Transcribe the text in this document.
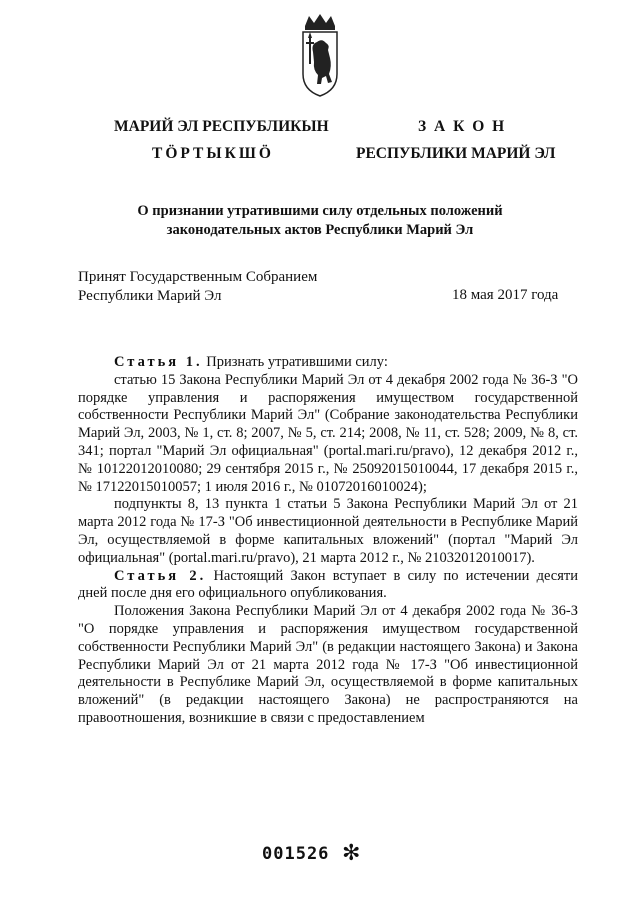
МАРИЙ ЭЛ РЕСПУБЛИКЫН
ТӦРТЫКШӦ
З А К О Н
РЕСПУБЛИКИ МАРИЙ ЭЛ
О признании утратившими силу отдельных положений
законодательных актов Республики Марий Эл
Принят Государственным Собранием
Республики Марий Эл	18 мая 2017 года

Статья 1. Признать утратившими силу:

статью 15 Закона Республики Марий Эл от 4 декабря 2002 года № 36-З "О порядке управления и распоряжения имуществом государственной собственности Республики Марий Эл" (Собрание законодательства Республики Марий Эл, 2003, № 1, ст. 8; 2007, № 5, ст. 214; 2008, № 11, ст. 528; 2009, № 8, ст. 341; портал "Марий Эл официальная" (portal.mari.ru/pravo), 12 декабря 2012 г., № 10122012010080; 29 сентября 2015 г., № 25092015010044, 17 декабря 2015 г., № 17122015010057; 1 июля 2016 г., № 01072016010024);

подпункты 8, 13 пункта 1 статьи 5 Закона Республики Марий Эл от 21 марта 2012 года № 17-З "Об инвестиционной деятельности в Республике Марий Эл, осуществляемой в форме капитальных вложений" (портал "Марий Эл официальная" (portal.mari.ru/pravo), 21 марта 2012 г., № 21032012010017).

Статья 2. Настоящий Закон вступает в силу по истечении десяти дней после дня его официального опубликования.

Положения Закона Республики Марий Эл от 4 декабря 2002 года № 36-З "О порядке управления и распоряжения имуществом государственной собственности Республики Марий Эл" (в редакции настоящего Закона) и Закона Республики Марий Эл от 21 марта 2012 года № 17-З "Об инвестиционной деятельности в Республике Марий Эл, осуществляемой в форме капитальных вложений" (в редакции настоящего Закона) не распространяются на правоотношения, возникшие в связи с предоставлением

001526 ✻
